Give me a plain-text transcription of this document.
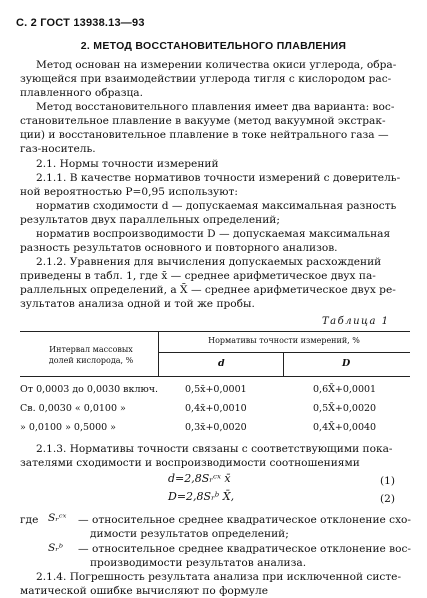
С. 2 ГОСТ 13938.13—93
2. МЕТОД ВОССТАНОВИТЕЛЬНОГО ПЛАВЛЕНИЯ
Метод основан на измерении количества окиси углерода, обра-
зующейся при взаимодействии углерода тигля с кислородом рас-
плавленного образца.
Метод восстановительного плавления имеет два варианта: вос-
становительное плавление в вакууме (метод вакуумной экстрак-
ции) и восстановительное плавление в токе нейтрального газа —
газ-носитель.
2.1. Нормы точности измерений
2.1.1. В качестве нормативов точности измерений с доверитель-
ной вероятностью P=0,95 используют:
норматив сходимости d — допускаемая максимальная разность
результатов двух параллельных определений;
норматив воспроизводимости D — допускаемая максимальная
разность результатов основного и повторного анализов.
2.1.2. Уравнения для вычисления допускаемых расхождений
приведены в табл. 1, где x̄ — среднее арифметическое двух па-
раллельных определений, а X̄ — среднее арифметическое двух ре-
зультатов анализа одной и той же пробы.
Таблица 1
Интервал массовых долей кислорода, %
Нормативы точности измерений, %
d	D
От 0,0003 до 0,0030 включ.	0,5x̄+0,0001	0,6X̄+0,0001
Св. 0,0030 « 0,0100 »	0,4x̄+0,0010	0,5X̄+0,0020
» 0,0100 » 0,5000 »	0,3x̄+0,0020	0,4X̄+0,0040
2.1.3. Нормативы точности связаны с соответствующими пока-
зателями сходимости и воспроизводимости соотношениями
d=2,8Sᵣᶜˣ x̄	(1)
D=2,8Sᵣᵇ X̄,	(2)
где Sᵣᶜˣ — относительное среднее квадратическое отклонение схо-
димости результатов определений;
Sᵣᵇ — относительное среднее квадратическое отклонение вос-
производимости результатов анализа.
2.1.4. Погрешность результата анализа при исключенной систе-
матической ошибке вычисляют по формуле
